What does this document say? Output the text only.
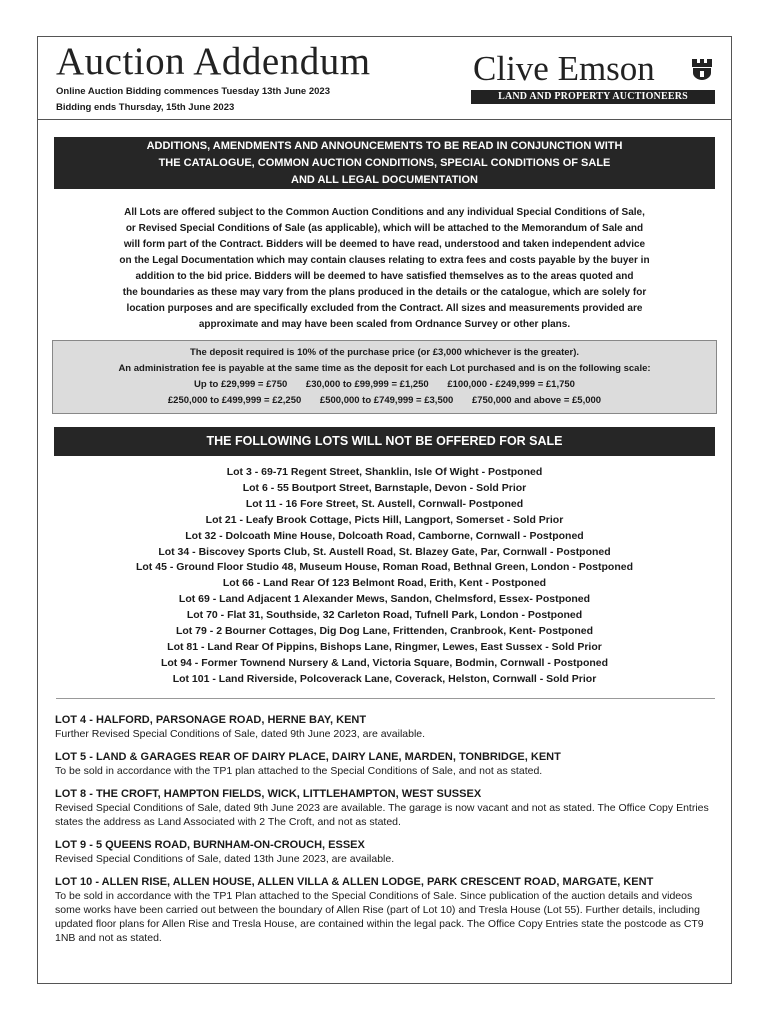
Auction Addendum
Online Auction Bidding commences Tuesday 13th June 2023
Bidding ends Thursday, 15th June 2023
Clive Emson
LAND AND PROPERTY AUCTIONEERS
ADDITIONS, AMENDMENTS AND ANNOUNCEMENTS TO BE READ IN CONJUNCTION WITH
THE CATALOGUE, COMMON AUCTION CONDITIONS, SPECIAL CONDITIONS OF SALE
AND ALL LEGAL DOCUMENTATION
All Lots are offered subject to the Common Auction Conditions and any individual Special Conditions of Sale,
or Revised Special Conditions of Sale (as applicable), which will be attached to the Memorandum of Sale and
will form part of the Contract. Bidders will be deemed to have read, understood and taken independent advice
on the Legal Documentation which may contain clauses relating to extra fees and costs payable by the buyer in
addition to the bid price. Bidders will be deemed to have satisfied themselves as to the areas quoted and
the boundaries as these may vary from the plans produced in the details or the catalogue, which are solely for
location purposes and are specifically excluded from the Contract. All sizes and measurements provided are
approximate and may have been scaled from Ordnance Survey or other plans.
The deposit required is 10% of the purchase price (or £3,000 whichever is the greater).
An administration fee is payable at the same time as the deposit for each Lot purchased and is on the following scale:
Up to £29,999 = £750 £30,000 to £99,999 = £1,250 £100,000 - £249,999 = £1,750
£250,000 to £499,999 = £2,250 £500,000 to £749,999 = £3,500 £750,000 and above = £5,000
THE FOLLOWING LOTS WILL NOT BE OFFERED FOR SALE
Lot 3 - 69-71 Regent Street, Shanklin, Isle Of Wight - Postponed
Lot 6 - 55 Boutport Street, Barnstaple, Devon - Sold Prior
Lot 11 - 16 Fore Street, St. Austell, Cornwall- Postponed
Lot 21 - Leafy Brook Cottage, Picts Hill, Langport, Somerset - Sold Prior
Lot 32 - Dolcoath Mine House, Dolcoath Road, Camborne, Cornwall - Postponed
Lot 34 - Biscovey Sports Club, St. Austell Road, St. Blazey Gate, Par, Cornwall - Postponed
Lot 45 - Ground Floor Studio 48, Museum House, Roman Road, Bethnal Green, London - Postponed
Lot 66 - Land Rear Of 123 Belmont Road, Erith, Kent - Postponed
Lot 69 - Land Adjacent 1 Alexander Mews, Sandon, Chelmsford, Essex- Postponed
Lot 70 - Flat 31, Southside, 32 Carleton Road, Tufnell Park, London - Postponed
Lot 79 - 2 Bourner Cottages, Dig Dog Lane, Frittenden, Cranbrook, Kent- Postponed
Lot 81 - Land Rear Of Pippins, Bishops Lane, Ringmer, Lewes, East Sussex - Sold Prior
Lot 94 - Former Townend Nursery & Land, Victoria Square, Bodmin, Cornwall - Postponed
Lot 101 - Land Riverside, Polcoverack Lane, Coverack, Helston, Cornwall - Sold Prior
LOT 4 - HALFORD, PARSONAGE ROAD, HERNE BAY, KENT
Further Revised Special Conditions of Sale, dated 9th June 2023, are available.
LOT 5 - LAND & GARAGES REAR OF DAIRY PLACE, DAIRY LANE, MARDEN, TONBRIDGE, KENT
To be sold in accordance with the TP1 plan attached to the Special Conditions of Sale, and not as stated.
LOT 8 - THE CROFT, HAMPTON FIELDS, WICK, LITTLEHAMPTON, WEST SUSSEX
Revised Special Conditions of Sale, dated 9th June 2023 are available. The garage is now vacant and not as stated. The Office Copy Entries states the address as Land Associated with 2 The Croft, and not as stated.
LOT 9 - 5 QUEENS ROAD, BURNHAM-ON-CROUCH, ESSEX
Revised Special Conditions of Sale, dated 13th June 2023, are available.
LOT 10 - ALLEN RISE, ALLEN HOUSE, ALLEN VILLA & ALLEN LODGE, PARK CRESCENT ROAD, MARGATE, KENT
To be sold in accordance with the TP1 Plan attached to the Special Conditions of Sale. Since publication of the auction details and videos some works have been carried out between the boundary of Allen Rise (part of Lot 10) and Tresla House (Lot 55). Further details, including updated floor plans for Allen Rise and Tresla House, are contained within the legal pack. The Office Copy Entries state the postcode as CT9 1NB and not as stated.
